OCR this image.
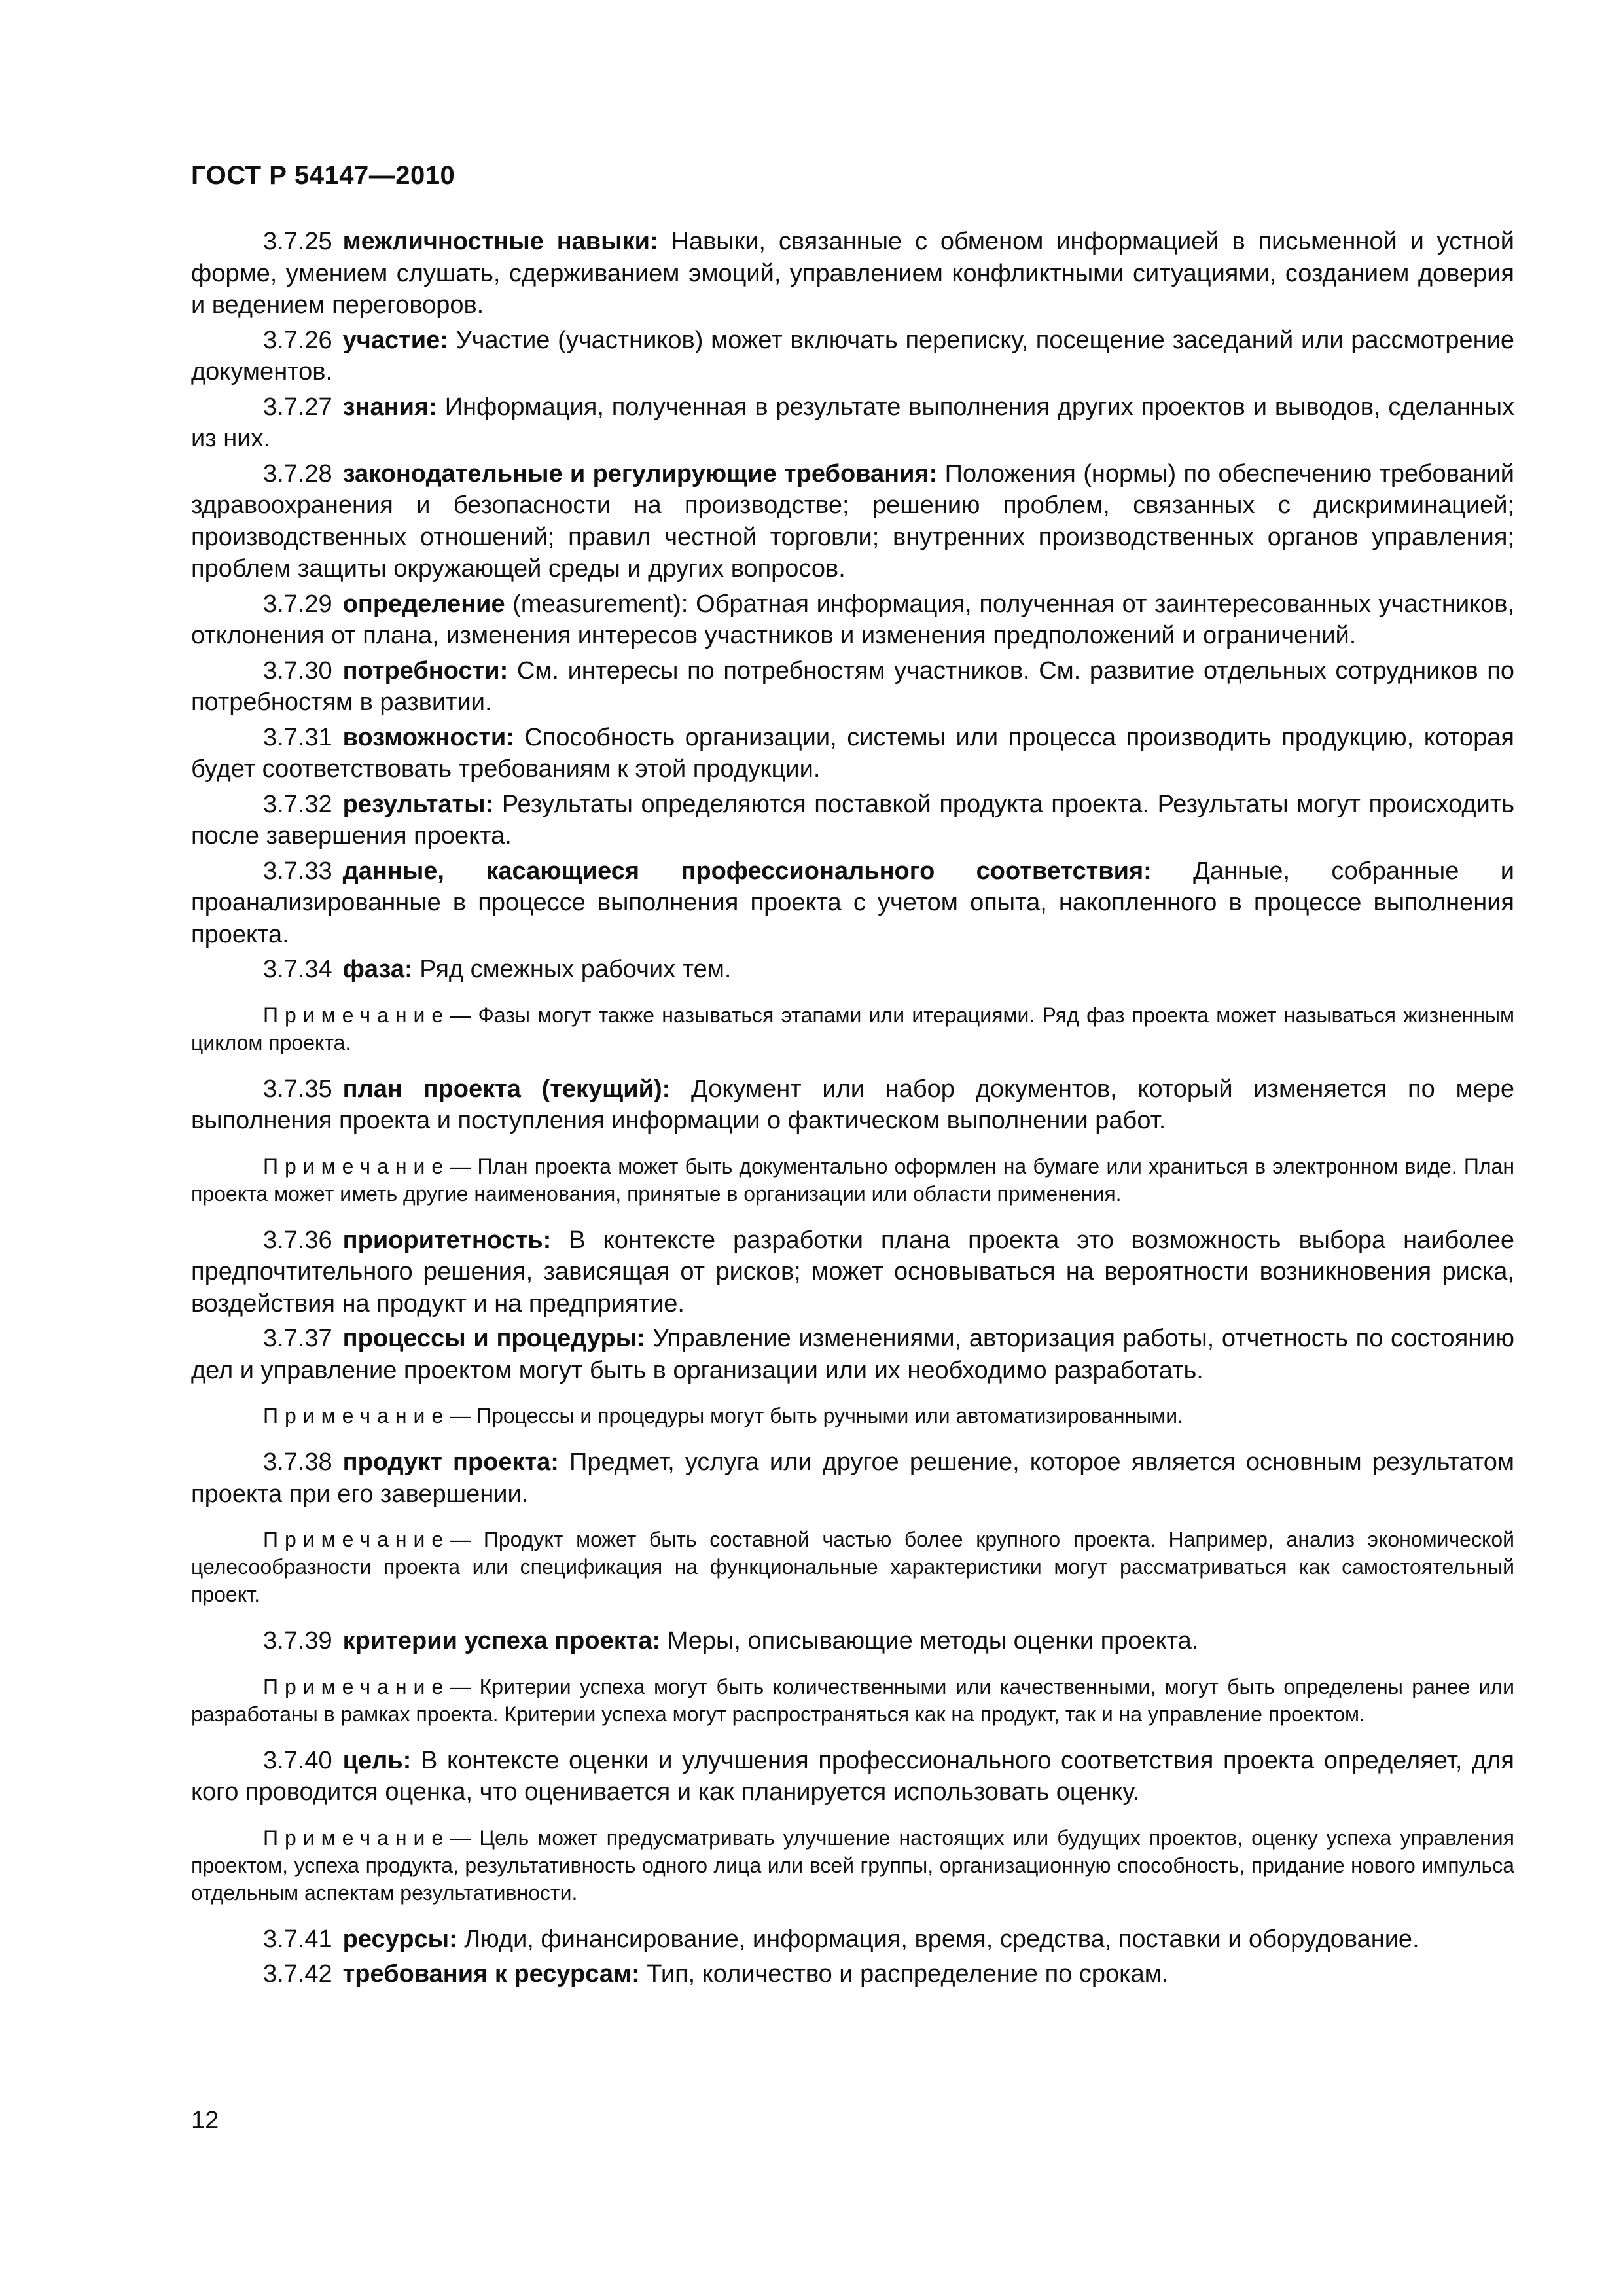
ГОСТ Р 54147—2010

3.7.25 межличностные навыки: Навыки, связанные с обменом информацией в письменной и устной форме, умением слушать, сдерживанием эмоций, управлением конфликтными ситуациями, созданием доверия и ведением переговоров.

3.7.26 участие: Участие (участников) может включать переписку, посещение заседаний или рассмотрение документов.

3.7.27 знания: Информация, полученная в результате выполнения других проектов и выводов, сделанных из них.

3.7.28 законодательные и регулирующие требования: Положения (нормы) по обеспечению требований здравоохранения и безопасности на производстве; решению проблем, связанных с дискриминацией; производственных отношений; правил честной торговли; внутренних производственных органов управления; проблем защиты окружающей среды и других вопросов.

3.7.29 определение (measurement): Обратная информация, полученная от заинтересованных участников, отклонения от плана, изменения интересов участников и изменения предположений и ограничений.

3.7.30 потребности: См. интересы по потребностям участников. См. развитие отдельных сотрудников по потребностям в развитии.

3.7.31 возможности: Способность организации, системы или процесса производить продукцию, которая будет соответствовать требованиям к этой продукции.

3.7.32 результаты: Результаты определяются поставкой продукта проекта. Результаты могут происходить после завершения проекта.

3.7.33 данные, касающиеся профессионального соответствия: Данные, собранные и проанализированные в процессе выполнения проекта с учетом опыта, накопленного в процессе выполнения проекта.

3.7.34 фаза: Ряд смежных рабочих тем.

Примечание— Фазы могут также называться этапами или итерациями. Ряд фаз проекта может называться жизненным циклом проекта.

3.7.35 план проекта (текущий): Документ или набор документов, который изменяется по мере выполнения проекта и поступления информации о фактическом выполнении работ.

Примечание— План проекта может быть документально оформлен на бумаге или храниться в электронном виде. План проекта может иметь другие наименования, принятые в организации или области применения.

3.7.36 приоритетность: В контексте разработки плана проекта это возможность выбора наиболее предпочтительного решения, зависящая от рисков; может основываться на вероятности возникновения риска, воздействия на продукт и на предприятие.

3.7.37 процессы и процедуры: Управление изменениями, авторизация работы, отчетность по состоянию дел и управление проектом могут быть в организации или их необходимо разработать.

Примечание— Процессы и процедуры могут быть ручными или автоматизированными.

3.7.38 продукт проекта: Предмет, услуга или другое решение, которое является основным результатом проекта при его завершении.

Примечание— Продукт может быть составной частью более крупного проекта. Например, анализ экономической целесообразности проекта или спецификация на функциональные характеристики могут рассматриваться как самостоятельный проект.

3.7.39 критерии успеха проекта: Меры, описывающие методы оценки проекта.

Примечание— Критерии успеха могут быть количественными или качественными, могут быть определены ранее или разработаны в рамках проекта. Критерии успеха могут распространяться как на продукт, так и на управление проектом.

3.7.40 цель: В контексте оценки и улучшения профессионального соответствия проекта определяет, для кого проводится оценка, что оценивается и как планируется использовать оценку.

Примечание— Цель может предусматривать улучшение настоящих или будущих проектов, оценку успеха управления проектом, успеха продукта, результативность одного лица или всей группы, организационную способность, придание нового импульса отдельным аспектам результативности.

3.7.41 ресурсы: Люди, финансирование, информация, время, средства, поставки и оборудование.

3.7.42 требования к ресурсам: Тип, количество и распределение по срокам.

12
